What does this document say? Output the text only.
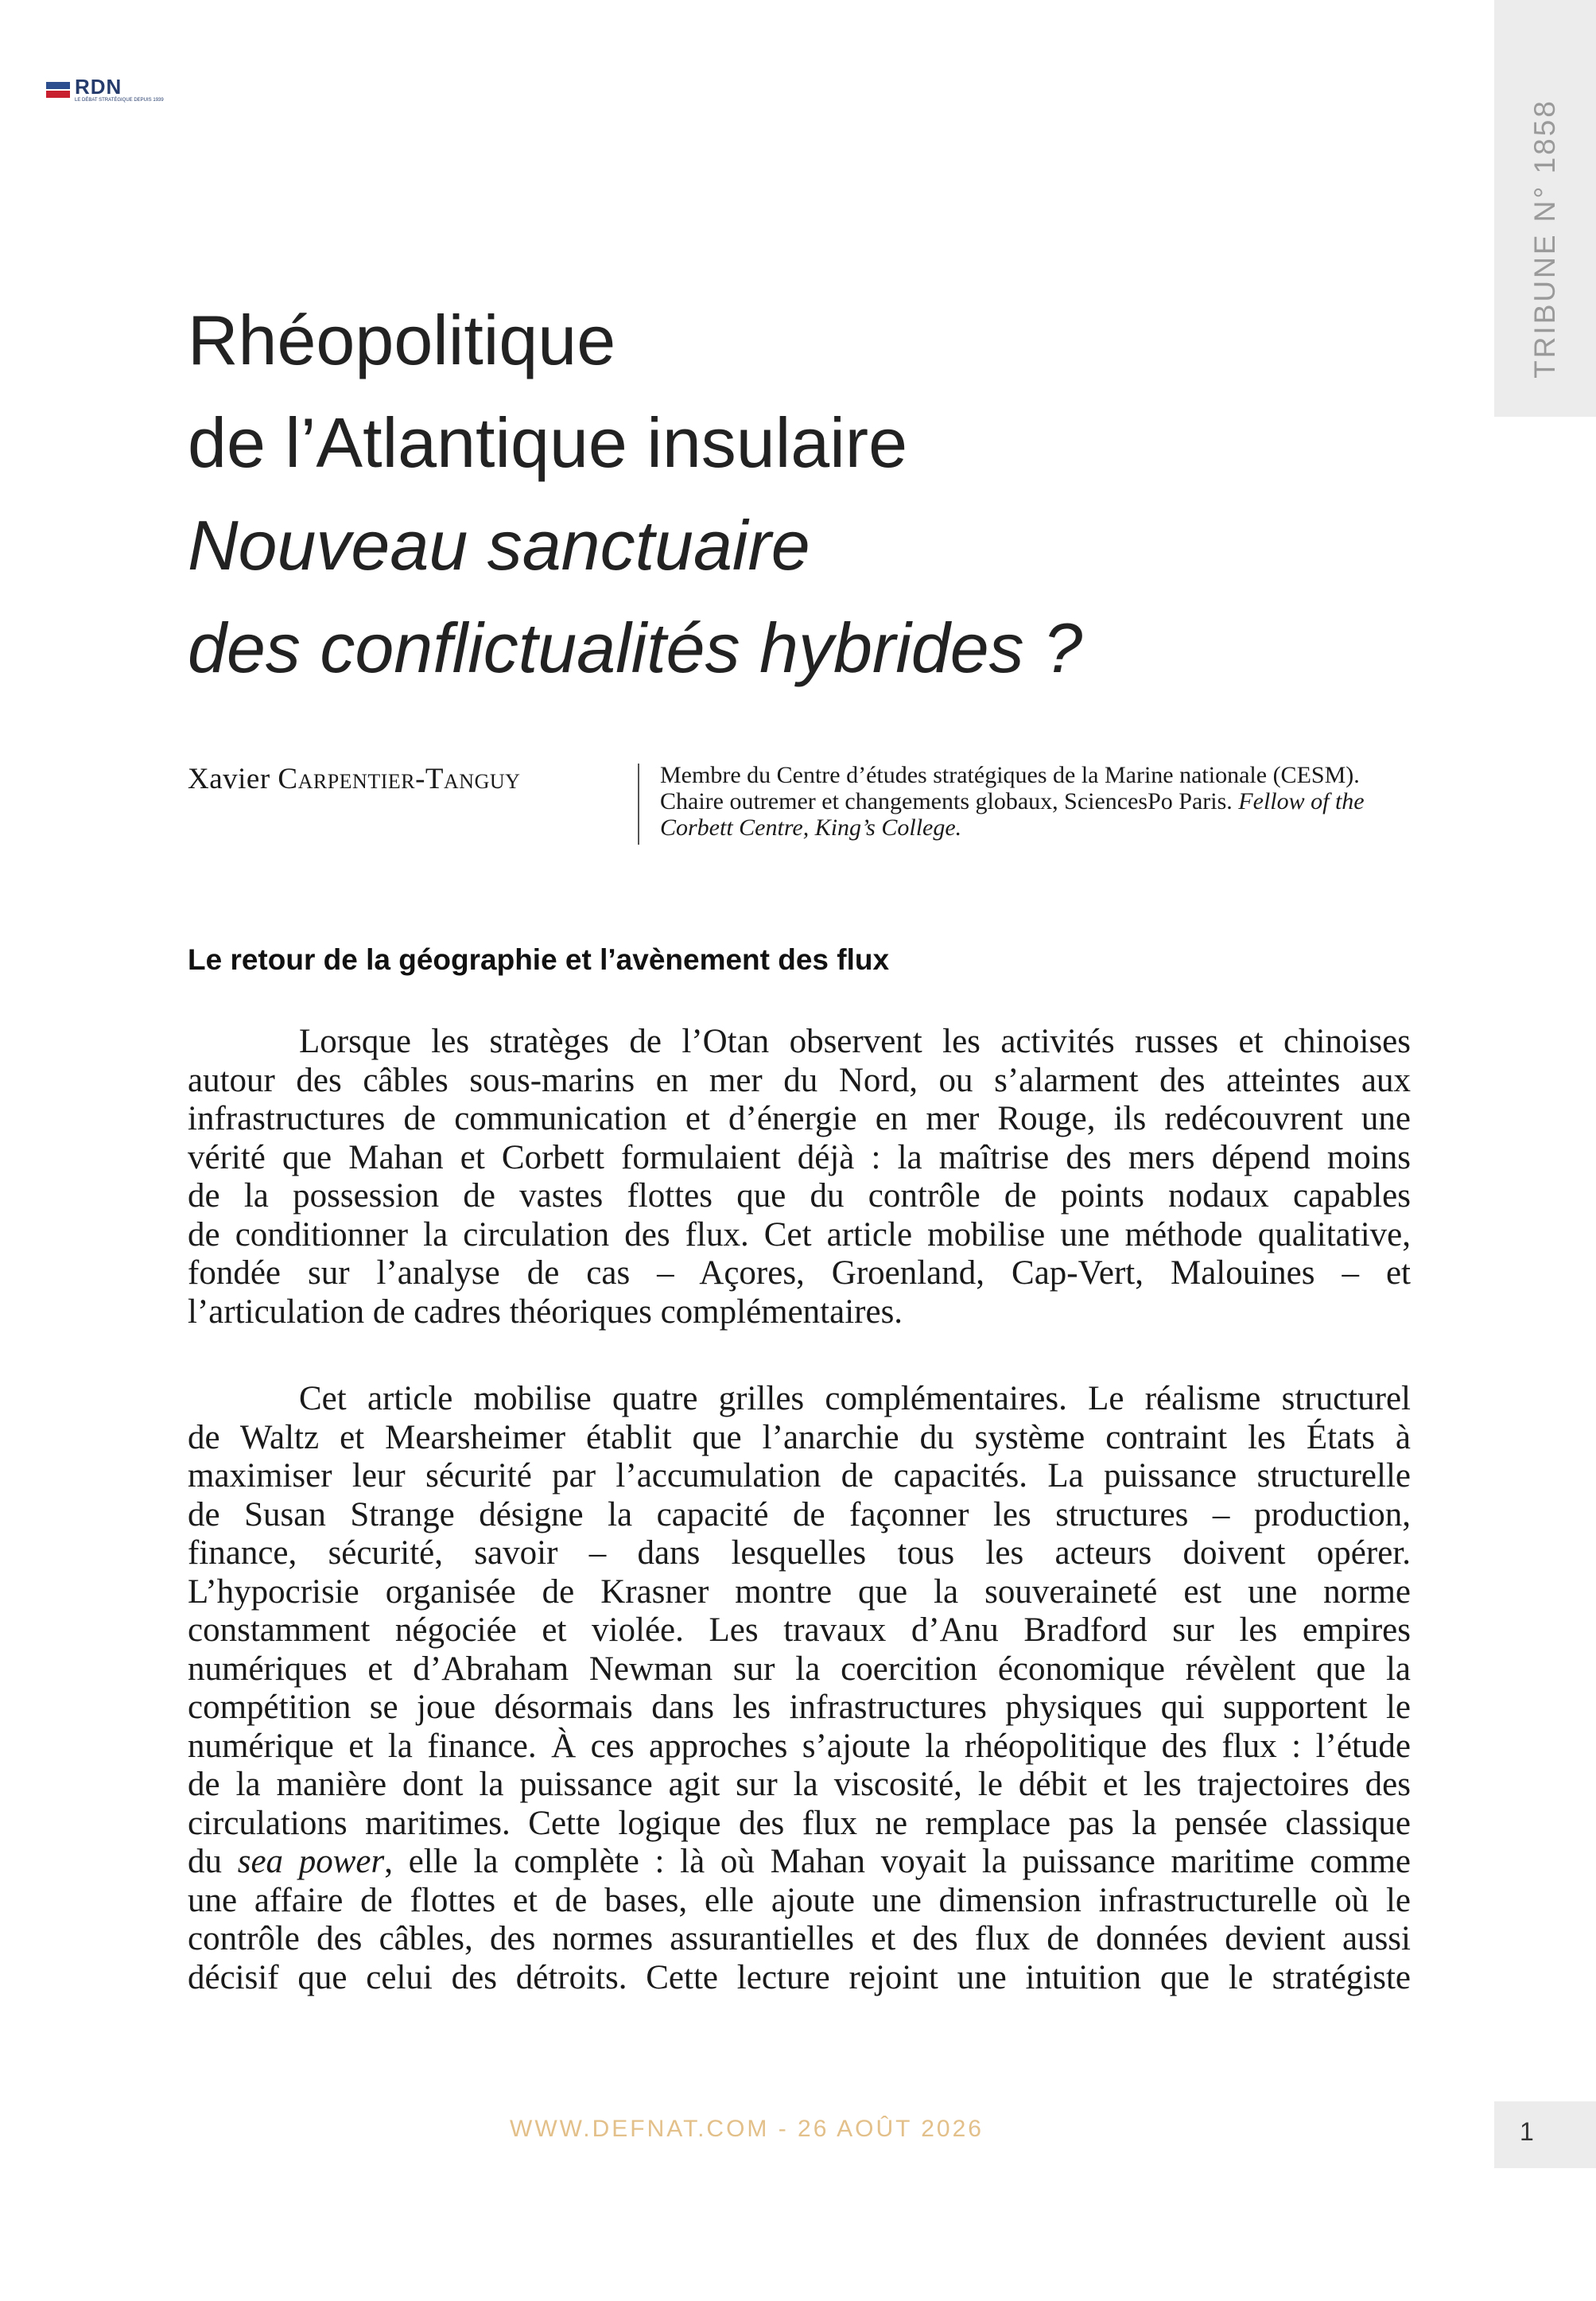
RDN
LE DÉBAT STRATÉGIQUE DEPUIS 1939	TRIBUNE N° 1858
Rhéopolitique
de l’Atlantique insulaire
Nouveau sanctuaire
des conflictualités hybrides ?
Xavier Carpentier-Tanguy	Membre du Centre d’études stratégiques de la Marine nationale (CESM).
Chaire outremer et changements globaux, SciencesPo Paris. Fellow of the
Corbett Centre, King’s College.
Le retour de la géographie et l’avènement des flux
Lorsque les stratèges de l’Otan observent les activités russes et chinoises
autour des câbles sous-marins en mer du Nord, ou s’alarment des atteintes aux
infrastructures de communication et d’énergie en mer Rouge, ils redécouvrent une
vérité que Mahan et Corbett formulaient déjà : la maîtrise des mers dépend moins
de la possession de vastes flottes que du contrôle de points nodaux capables
de conditionner la circulation des flux. Cet article mobilise une méthode qualitative,
fondée sur l’analyse de cas – Açores, Groenland, Cap-Vert, Malouines – et
l’articulation de cadres théoriques complémentaires.
Cet article mobilise quatre grilles complémentaires. Le réalisme structurel
de Waltz et Mearsheimer établit que l’anarchie du système contraint les États à
maximiser leur sécurité par l’accumulation de capacités. La puissance structurelle
de Susan Strange désigne la capacité de façonner les structures – production,
finance, sécurité, savoir – dans lesquelles tous les acteurs doivent opérer.
L’hypocrisie organisée de Krasner montre que la souveraineté est une norme
constamment négociée et violée. Les travaux d’Anu Bradford sur les empires
numériques et d’Abraham Newman sur la coercition économique révèlent que la
compétition se joue désormais dans les infrastructures physiques qui supportent le
numérique et la finance. À ces approches s’ajoute la rhéopolitique des flux : l’étude
de la manière dont la puissance agit sur la viscosité, le débit et les trajectoires des
circulations maritimes. Cette logique des flux ne remplace pas la pensée classique
du sea power, elle la complète : là où Mahan voyait la puissance maritime comme
une affaire de flottes et de bases, elle ajoute une dimension infrastructurelle où le
contrôle des câbles, des normes assurantielles et des flux de données devient aussi
décisif que celui des détroits. Cette lecture rejoint une intuition que le stratégiste
WWW.DEFNAT.COM - 26 AOÛT 2026	1
